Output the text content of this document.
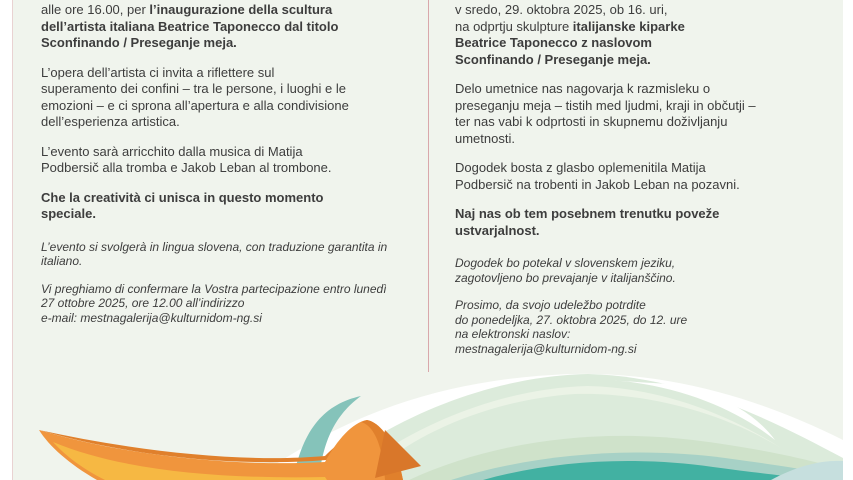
alle ore 16.00, per l’inaugurazione della scultura
dell’artista italiana Beatrice Taponecco dal titolo
Sconfinando / Preseganje meja.

L’opera dell’artista ci invita a riflettere sul
superamento dei confini – tra le persone, i luoghi e le
emozioni – e ci sprona all’apertura e alla condivisione
dell’esperienza artistica.

L’evento sarà arricchito dalla musica di Matija
Podbersič alla tromba e Jakob Leban al trombone.

Che la creatività ci unisca in questo momento
speciale.

L’evento si svolgerà in lingua slovena, con traduzione garantita in
italiano.

Vi preghiamo di confermare la Vostra partecipazione entro lunedì
27 ottobre 2025, ore 12.00 all’indirizzo
e-mail: mestnagalerija@kulturnidom-ng.si

v sredo, 29. oktobra 2025, ob 16. uri,
na odprtju skulpture italijanske kiparke
Beatrice Taponecco z naslovom
Sconfinando / Preseganje meja.

Delo umetnice nas nagovarja k razmisleku o
preseganju meja – tistih med ljudmi, kraji in občutji –
ter nas vabi k odprtosti in skupnemu doživljanju
umetnosti.

Dogodek bosta z glasbo oplemenitila Matija
Podbersič na trobenti in Jakob Leban na pozavni.

Naj nas ob tem posebnem trenutku poveže
ustvarjalnost.

Dogodek bo potekal v slovenskem jeziku,
zagotovljeno bo prevajanje v italijanščino.

Prosimo, da svojo udeležbo potrdite
do ponedeljka, 27. oktobra 2025, do 12. ure
na elektronski naslov:
mestnagalerija@kulturnidom-ng.si
